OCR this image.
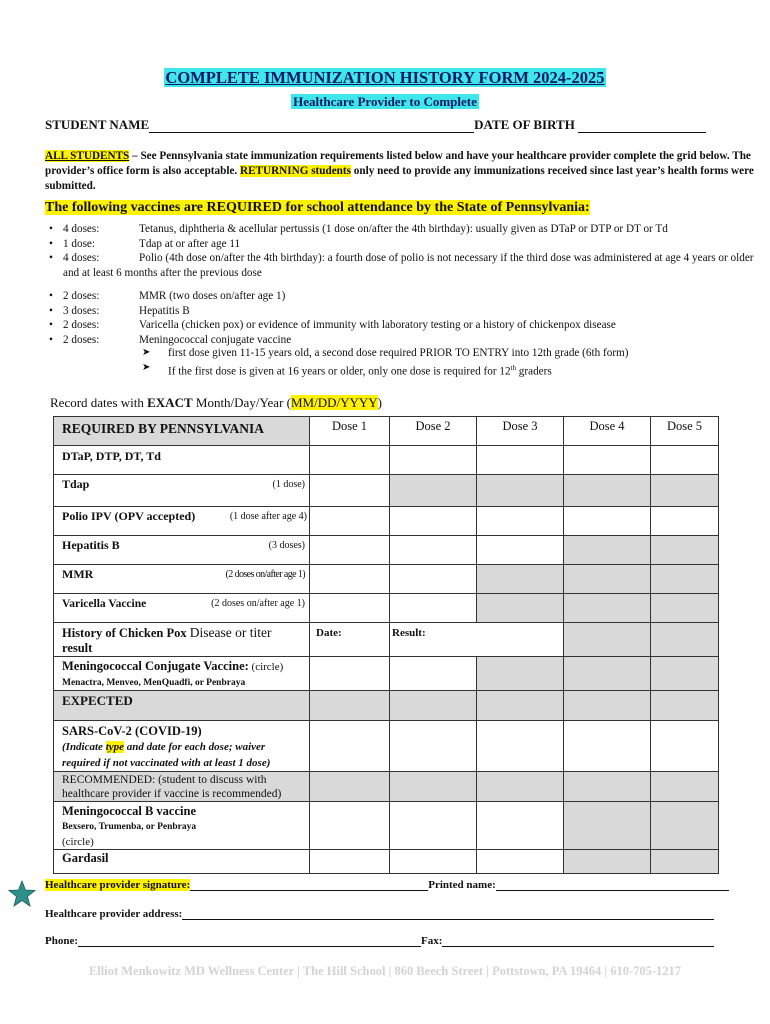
COMPLETE IMMUNIZATION HISTORY FORM 2024-2025
Healthcare Provider to Complete
STUDENT NAME	DATE OF BIRTH
ALL STUDENTS – See Pennsylvania state immunization requirements listed below and have your healthcare provider complete the grid below. The provider’s office form is also acceptable. RETURNING students only need to provide any immunizations received since last year’s health forms were submitted.
The following vaccines are REQUIRED for school attendance by the State of Pennsylvania:
• 4 doses:	Tetanus, diphtheria & acellular pertussis (1 dose on/after the 4th birthday): usually given as DTaP or DTP or DT or Td
• 1 dose:	Tdap at or after age 11
• 4 doses:	Polio (4th dose on/after the 4th birthday): a fourth dose of polio is not necessary if the third dose was administered at age 4 years or older and at least 6 months after the previous dose
• 2 doses:	MMR (two doses on/after age 1)
• 3 doses:	Hepatitis B
• 2 doses:	Varicella (chicken pox) or evidence of immunity with laboratory testing or a history of chickenpox disease
• 2 doses:	Meningococcal conjugate vaccine
➤ first dose given 11-15 years old, a second dose required PRIOR TO ENTRY into 12th grade (6th form)
➤ If the first dose is given at 16 years or older, only one dose is required for 12th graders
Record dates with EXACT Month/Day/Year (MM/DD/YYYY)
REQUIRED BY PENNSYLVANIA	Dose 1	Dose 2	Dose 3	Dose 4	Dose 5
DTaP, DTP, DT, Td					
Tdap (1 dose)					

Polio IPV (OPV accepted) (1 dose after age 4)					

Hepatitis B (3 doses)					

MMR (2 doses on/after age 1)					

Varicella Vaccine (2 doses on/after age 1)					

History of Chicken Pox Disease or titer
result	Date:	Result:			
Meningococcal Conjugate Vaccine: (circle)
Menactra, Menveo, MenQuadfi, or Penbraya					
EXPECTED					
SARS-CoV-2 (COVID-19)
(Indicate type and date for each dose; waiver required if not vaccinated with at least 1 dose)					
RECOMMENDED: (student to discuss with healthcare provider if vaccine is recommended)					
Meningococcal B vaccine
Bexsero, Trumenba, or Penbraya
(circle)					
Gardasil					
Healthcare provider signature:	Printed name:
Healthcare provider address:
Phone:	Fax:
Elliot Menkowitz MD Wellness Center | The Hill School | 860 Beech Street | Pottstown, PA 19464 | 610-705-1217
